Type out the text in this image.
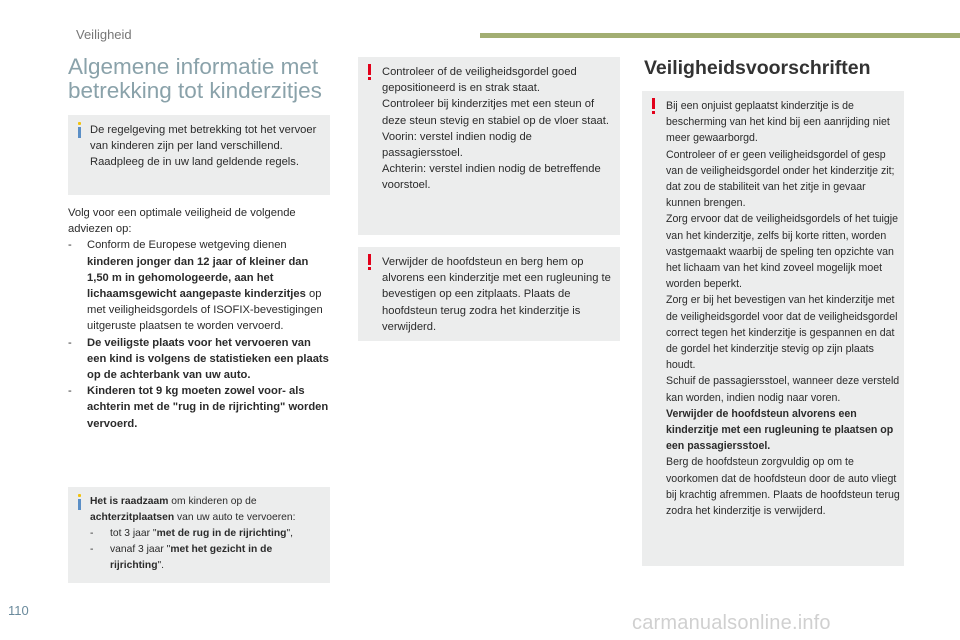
Veiligheid
Algemene informatie met betrekking tot kinderzitjes

De regelgeving met betrekking tot het vervoer van kinderen zijn per land verschillend. Raadpleeg de in uw land geldende regels.

Volg voor een optimale veiligheid de volgende adviezen op:

-	Conform de Europese wetgeving dienen kinderen jonger dan 12 jaar of kleiner dan 1,50 m in gehomologeerde, aan het lichaamsgewicht aangepaste kinderzitjes op met veiligheidsgordels of ISOFIX-bevestigingen uitgeruste plaatsen te worden vervoerd.
-	De veiligste plaats voor het vervoeren van een kind is volgens de statistieken een plaats op de achterbank van uw auto.
-	Kinderen tot 9 kg moeten zowel voor- als achterin met de "rug in de rijrichting" worden vervoerd.

Het is raadzaam om kinderen op de achterzitplaatsen van uw auto te vervoeren:

-	tot 3 jaar "met de rug in de rijrichting",
-	vanaf 3 jaar "met het gezicht in de rijrichting".

Controleer of de veiligheidsgordel goed gepositioneerd is en strak staat.

Controleer bij kinderzitjes met een steun of deze steun stevig en stabiel op de vloer staat.

Voorin: verstel indien nodig de passagiersstoel.

Achterin: verstel indien nodig de betreffende voorstoel.

Verwijder de hoofdsteun en berg hem op alvorens een kinderzitje met een rugleuning te bevestigen op een zitplaats. Plaats de hoofdsteun terug zodra het kinderzitje is verwijderd.

Veiligheidsvoorschriften

Bij een onjuist geplaatst kinderzitje is de bescherming van het kind bij een aanrijding niet meer gewaarborgd.

Controleer of er geen veiligheidsgordel of gesp van de veiligheidsgordel onder het kinderzitje zit; dat zou de stabiliteit van het zitje in gevaar kunnen brengen.

Zorg ervoor dat de veiligheidsgordels of het tuigje van het kinderzitje, zelfs bij korte ritten, worden vastgemaakt waarbij de speling ten opzichte van het lichaam van het kind zoveel mogelijk moet worden beperkt.

Zorg er bij het bevestigen van het kinderzitje met de veiligheidsgordel voor dat de veiligheidsgordel correct tegen het kinderzitje is gespannen en dat de gordel het kinderzitje stevig op zijn plaats houdt.

Schuif de passagiersstoel, wanneer deze versteld kan worden, indien nodig naar voren.

Verwijder de hoofdsteun alvorens een kinderzitje met een rugleuning te plaatsen op een passagiersstoel.

Berg de hoofdsteun zorgvuldig op om te voorkomen dat de hoofdsteun door de auto vliegt bij krachtig afremmen. Plaats de hoofdsteun terug zodra het kinderzitje is verwijderd.

110
carmanualsonline.info
